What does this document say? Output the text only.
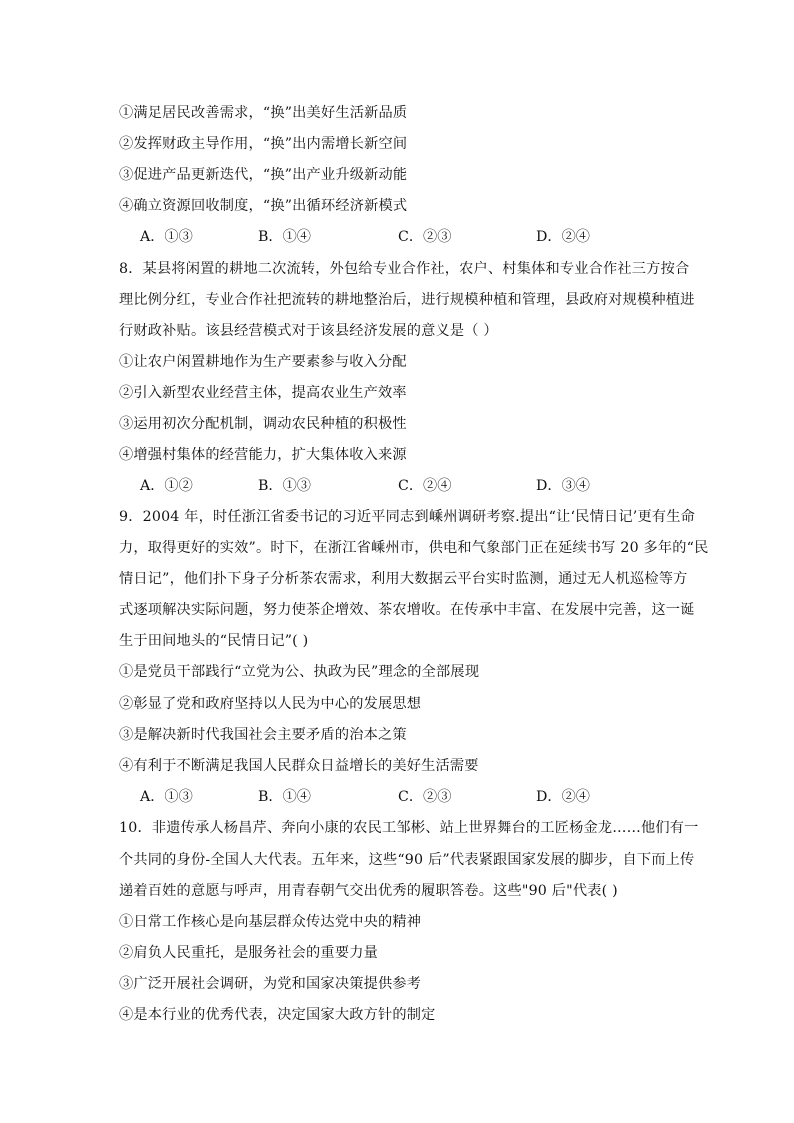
①满足居民改善需求，“换”出美好生活新品质
②发挥财政主导作用，“换”出内需增长新空间
③促进产品更新迭代，“换”出产业升级新动能
④确立资源回收制度，“换”出循环经济新模式
A．①③	B．①④	C．②③	D．②④
8．某县将闲置的耕地二次流转，外包给专业合作社，农户、村集体和专业合作社三方按合
理比例分红，专业合作社把流转的耕地整治后，进行规模种植和管理，县政府对规模种植进
行财政补贴。该县经营模式对于该县经济发展的意义是（ ）
①让农户闲置耕地作为生产要素参与收入分配
②引入新型农业经营主体，提高农业生产效率
③运用初次分配机制，调动农民种植的积极性
④增强村集体的经营能力，扩大集体收入来源
A．①②	B．①③	C．②④	D．③④
9．2004 年，时任浙江省委书记的习近平同志到嵊州调研考察.提出“让‘民情日记’更有生命
力，取得更好的实效”。时下，在浙江省嵊州市，供电和气象部门正在延续书写 20 多年的“民
情日记”，他们扑下身子分析茶农需求，利用大数据云平台实时监测，通过无人机巡检等方
式逐项解决实际问题，努力使茶企增效、茶农增收。在传承中丰富、在发展中完善，这一诞
生于田间地头的“民情日记”( )
①是党员干部践行“立党为公、执政为民”理念的全部展现
②彰显了党和政府坚持以人民为中心的发展思想
③是解决新时代我国社会主要矛盾的治本之策
④有利于不断满足我国人民群众日益增长的美好生活需要
A．①③	B．①④	C．②③	D．②④
10．非遗传承人杨昌芹、奔向小康的农民工邹彬、站上世界舞台的工匠杨金龙……他们有一
个共同的身份-全国人大代表。五年来，这些“90 后”代表紧跟国家发展的脚步，自下而上传
递着百姓的意愿与呼声，用青春朝气交出优秀的履职答卷。这些"90 后"代表( )
①日常工作核心是向基层群众传达党中央的精神
②肩负人民重托，是服务社会的重要力量
③广泛开展社会调研，为党和国家决策提供参考
④是本行业的优秀代表，决定国家大政方针的制定
